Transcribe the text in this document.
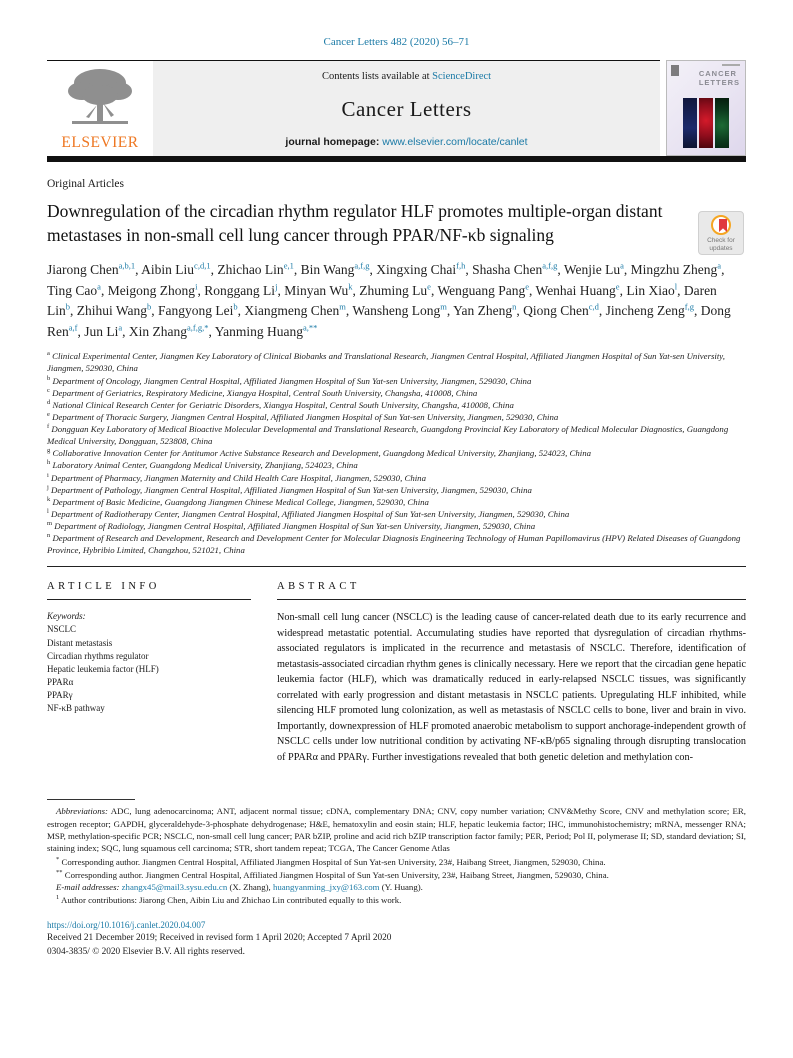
Cancer Letters 482 (2020) 56–71
ELSEVIER
Contents lists available at ScienceDirect
Cancer Letters
journal homepage: www.elsevier.com/locate/canlet
CANCER
LETTERS
Original Articles
Downregulation of the circadian rhythm regulator HLF promotes multiple-organ distant metastases in non-small cell lung cancer through PPAR/NF-κb signaling	Check for updates
Jiarong Chen$^{a,b,1}$, Aibin Liu$^{c,d,1}$, Zhichao Lin$^{e,1}$, Bin Wang$^{a,f,g}$, Xingxing Chai$^{f,h}$, Shasha Chen$^{a,f,g}$, Wenjie Lu$^a$, Mingzhu Zheng$^a$, Ting Cao$^a$, Meigong Zhong$^i$, Ronggang Li$^j$, Minyan Wu$^k$, Zhuming Lu$^e$, Wenguang Pang$^e$, Wenhai Huang$^e$, Lin Xiao$^l$, Daren Lin$^b$, Zhihui Wang$^b$, Fangyong Lei$^b$, Xiangmeng Chen$^m$, Wansheng Long$^m$, Yan Zheng$^n$, Qiong Chen$^{c,d}$, Jincheng Zeng$^{f,g}$, Dong Ren$^{a,f}$, Jun Li$^a$, Xin Zhang$^{a,f,g,*}$, Yanming Huang$^{a,**}$
$^a$ Clinical Experimental Center, Jiangmen Key Laboratory of Clinical Biobanks and Translational Research, Jiangmen Central Hospital, Affiliated Jiangmen Hospital of Sun Yat-sen University, Jiangmen, 529030, China
$^b$ Department of Oncology, Jiangmen Central Hospital, Affiliated Jiangmen Hospital of Sun Yat-sen University, Jiangmen, 529030, China
$^c$ Department of Geriatrics, Respiratory Medicine, Xiangya Hospital, Central South University, Changsha, 410008, China
$^d$ National Clinical Research Center for Geriatric Disorders, Xiangya Hospital, Central South University, Changsha, 410008, China
$^e$ Department of Thoracic Surgery, Jiangmen Central Hospital, Affiliated Jiangmen Hospital of Sun Yat-sen University, Jiangmen, 529030, China
$^f$ Dongguan Key Laboratory of Medical Bioactive Molecular Developmental and Translational Research, Guangdong Provincial Key Laboratory of Medical Molecular Diagnostics, Guangdong Medical University, Dongguan, 523808, China
$^g$ Collaborative Innovation Center for Antitumor Active Substance Research and Development, Guangdong Medical University, Zhanjiang, 524023, China
$^h$ Laboratory Animal Center, Guangdong Medical University, Zhanjiang, 524023, China
$^i$ Department of Pharmacy, Jiangmen Maternity and Child Health Care Hospital, Jiangmen, 529030, China
$^j$ Department of Pathology, Jiangmen Central Hospital, Affiliated Jiangmen Hospital of Sun Yat-sen University, Jiangmen, 529030, China
$^k$ Department of Basic Medicine, Guangdong Jiangmen Chinese Medical College, Jiangmen, 529030, China
$^l$ Department of Radiotherapy Center, Jiangmen Central Hospital, Affiliated Jiangmen Hospital of Sun Yat-sen University, Jiangmen, 529030, China
$^m$ Department of Radiology, Jiangmen Central Hospital, Affiliated Jiangmen Hospital of Sun Yat-sen University, Jiangmen, 529030, China
$^n$ Department of Research and Development, Research and Development Center for Molecular Diagnosis Engineering Technology of Human Papillomavirus (HPV) Related Diseases of Guangdong Province, Hybribio Limited, Changzhou, 521021, China
ARTICLE INFO
Keywords:
NSCLC
Distant metastasis
Circadian rhythms regulator
Hepatic leukemia factor (HLF)
PPARα
PPARγ
NF-κB pathway
ABSTRACT

Non-small cell lung cancer (NSCLC) is the leading cause of cancer-related death due to its early recurrence and widespread metastatic potential. Accumulating studies have reported that dysregulation of circadian rhythms-associated regulators is implicated in the recurrence and metastasis of NSCLC. Therefore, identification of metastasis-associated circadian rhythm genes is clinically necessary. Here we report that the circadian gene hepatic leukemia factor (HLF), which was dramatically reduced in early-relapsed NSCLC tissues, was significantly correlated with early progression and distant metastasis in NSCLC patients. Upregulating HLF inhibited, while silencing HLF promoted lung colonization, as well as metastasis of NSCLC cells to bone, liver and brain in vivo. Importantly, downexpression of HLF promoted anaerobic metabolism to support anchorage-independent growth of NSCLC cells under low nutritional condition by activating NF-κB/p65 signaling through disrupting translocation of PPARα and PPARγ. Further investigations revealed that both genetic deletion and methylation con-

Abbreviations: ADC, lung adenocarcinoma; ANT, adjacent normal tissue; cDNA, complementary DNA; CNV, copy number variation; CNV&Methy Score, CNV and methylation score; ER, estrogen receptor; GAPDH, glyceraldehyde-3-phosphate dehydrogenase; H&E, hematoxylin and eosin stain; HLF, hepatic leukemia factor; IHC, immunohistochemistry; mRNA, messenger RNA; MSP, methylation-specific PCR; NSCLC, non-small cell lung cancer; PAR bZIP, proline and acid rich bZIP transcription factor family; PER, Period; Pol II, polymerase II; SD, standard deviation; SI, staining index; SQC, lung squamous cell carcinoma; STR, short tandem repeat; TCGA, The Cancer Genome Atlas

* Corresponding author. Jiangmen Central Hospital, Affiliated Jiangmen Hospital of Sun Yat-sen University, 23#, Haibang Street, Jiangmen, 529030, China.

** Corresponding author. Jiangmen Central Hospital, Affiliated Jiangmen Hospital of Sun Yat-sen University, 23#, Haibang Street, Jiangmen, 529030, China.

E-mail addresses: zhangx45@mail3.sysu.edu.cn (X. Zhang), huangyanming_jxy@163.com (Y. Huang).

$^1$ Author contributions: Jiarong Chen, Aibin Liu and Zhichao Lin contributed equally to this work.

https://doi.org/10.1016/j.canlet.2020.04.007
Received 21 December 2019; Received in revised form 1 April 2020; Accepted 7 April 2020
0304-3835/ © 2020 Elsevier B.V. All rights reserved.
